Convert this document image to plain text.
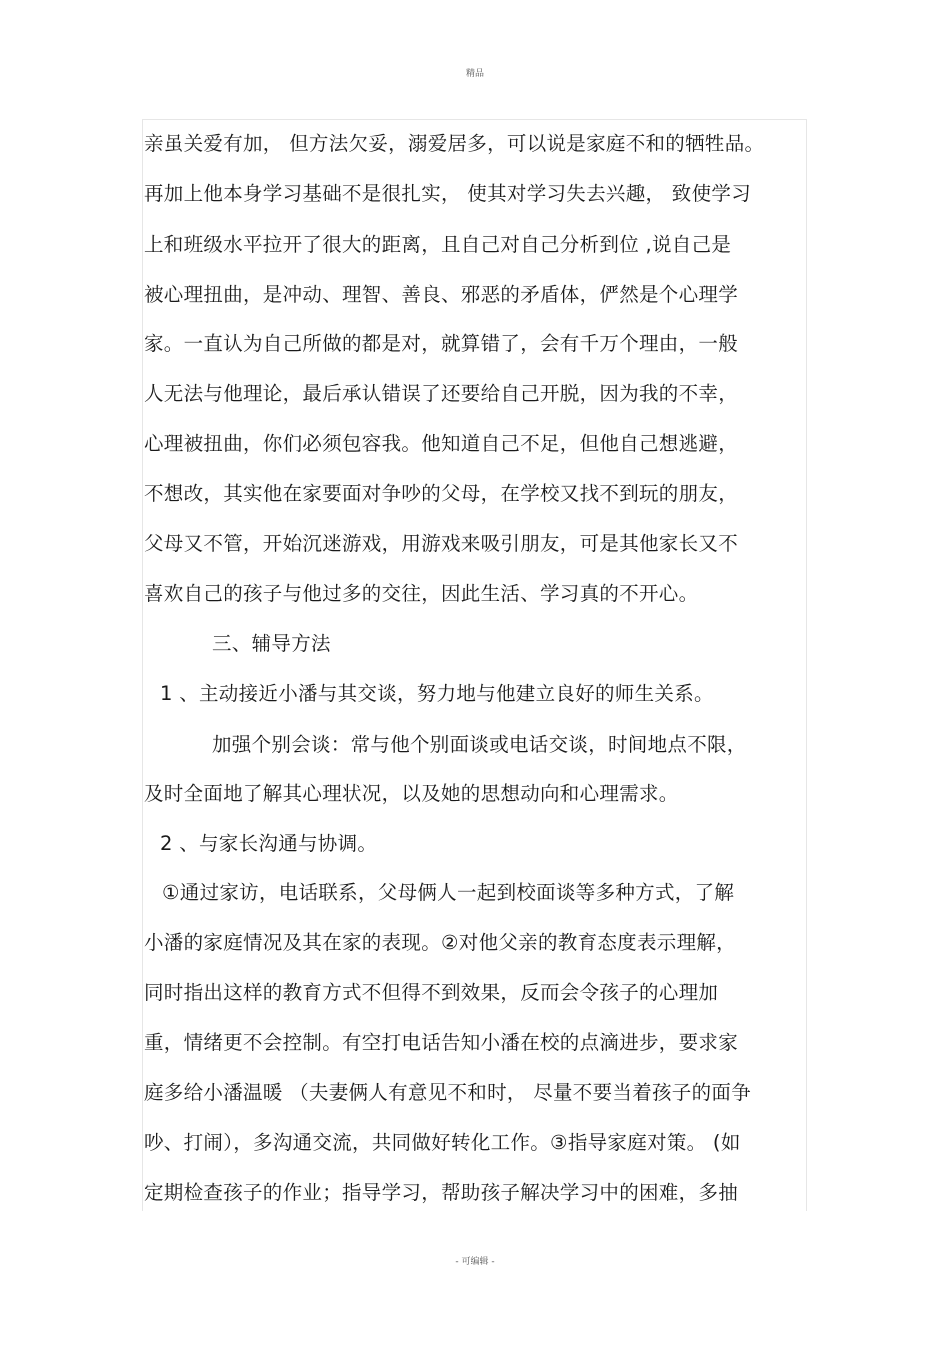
精品
亲虽关爱有加， 但方法欠妥，溺爱居多，可以说是家庭不和的牺牲品。
再加上他本身学习基础不是很扎实， 使其对学习失去兴趣， 致使学习
上和班级水平拉开了很大的距离，且自己对自己分析到位 ,说自己是
被心理扭曲，是冲动、理智、善良、邪恶的矛盾体，俨然是个心理学
家。一直认为自己所做的都是对，就算错了，会有千万个理由，一般
人无法与他理论，最后承认错误了还要给自己开脱，因为我的不幸，
心理被扭曲，你们必须包容我。他知道自己不足，但他自己想逃避，
不想改，其实他在家要面对争吵的父母，在学校又找不到玩的朋友，
父母又不管，开始沉迷游戏，用游戏来吸引朋友，可是其他家长又不
喜欢自己的孩子与他过多的交往，因此生活、学习真的不开心。
三、辅导方法
1 、主动接近小潘与其交谈，努力地与他建立良好的师生关系。
加强个别会谈：常与他个别面谈或电话交谈，时间地点不限，
及时全面地了解其心理状况，以及她的思想动向和心理需求。
2 、与家长沟通与协调。
①通过家访，电话联系，父母俩人一起到校面谈等多种方式，了解
小潘的家庭情况及其在家的表现。②对他父亲的教育态度表示理解，
同时指出这样的教育方式不但得不到效果，反而会令孩子的心理加
重，情绪更不会控制。有空打电话告知小潘在校的点滴进步，要求家
庭多给小潘温暖 （夫妻俩人有意见不和时， 尽量不要当着孩子的面争
吵、打闹），多沟通交流，共同做好转化工作。③指导家庭对策。 (如
定期检查孩子的作业；指导学习，帮助孩子解决学习中的困难，多抽
- 可编辑 -
